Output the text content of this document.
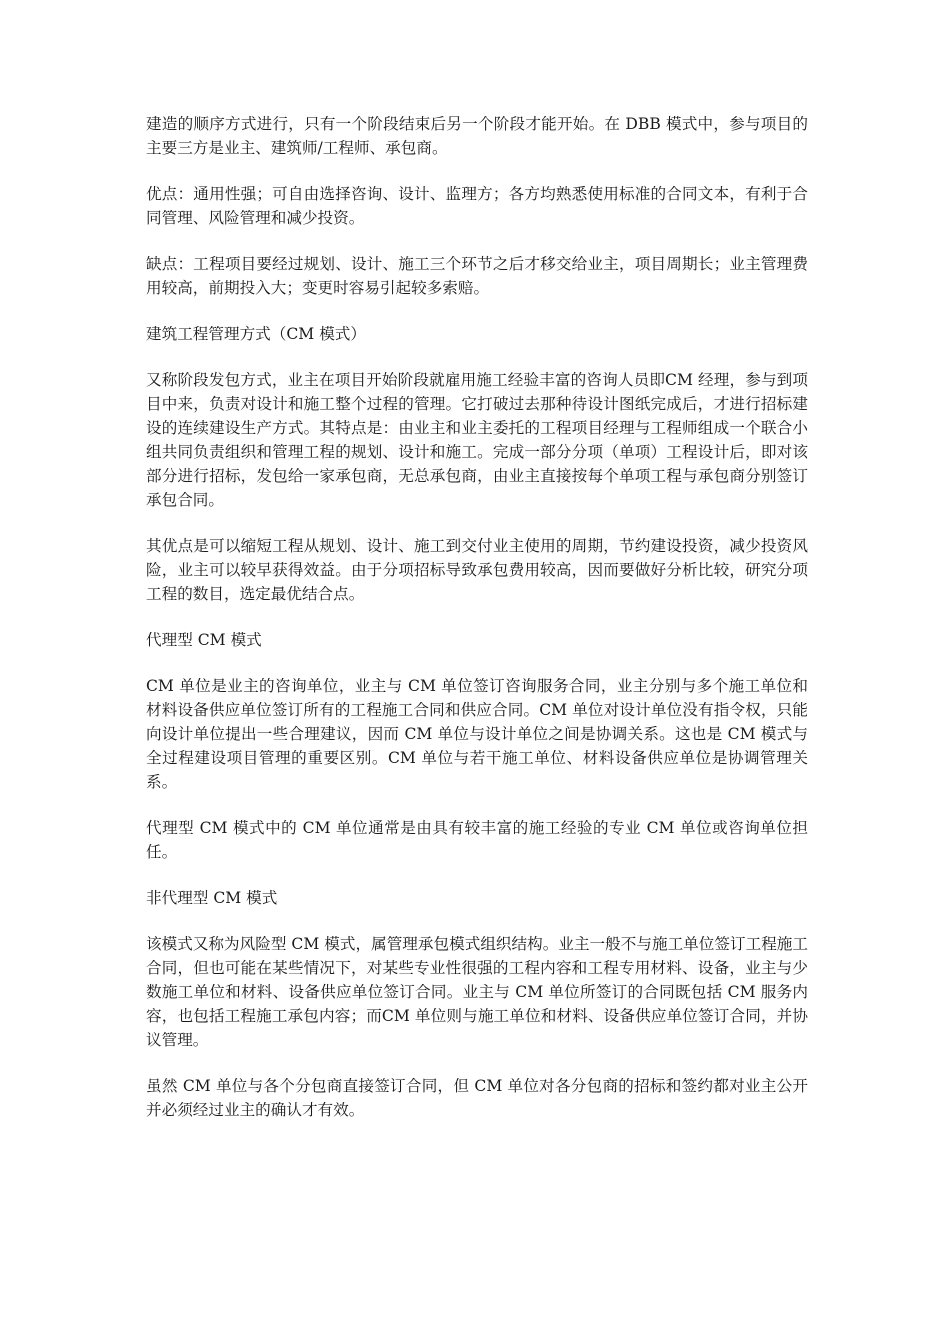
建造的顺序方式进行，只有一个阶段结束后另一个阶段才能开始。在 DBB 模式中，参与项目的主要三方是业主、建筑师/工程师、承包商。

优点：通用性强；可自由选择咨询、设计、监理方；各方均熟悉使用标准的合同文本，有利于合同管理、风险管理和减少投资。

缺点：工程项目要经过规划、设计、施工三个环节之后才移交给业主，项目周期长；业主管理费用较高，前期投入大；变更时容易引起较多索赔。

建筑工程管理方式（CM 模式）

又称阶段发包方式，业主在项目开始阶段就雇用施工经验丰富的咨询人员即CM 经理，参与到项目中来，负责对设计和施工整个过程的管理。它打破过去那种待设计图纸完成后，才进行招标建设的连续建设生产方式。其特点是：由业主和业主委托的工程项目经理与工程师组成一个联合小组共同负责组织和管理工程的规划、设计和施工。完成一部分分项（单项）工程设计后，即对该部分进行招标，发包给一家承包商，无总承包商，由业主直接按每个单项工程与承包商分别签订承包合同。

其优点是可以缩短工程从规划、设计、施工到交付业主使用的周期，节约建设投资，减少投资风险，业主可以较早获得效益。由于分项招标导致承包费用较高，因而要做好分析比较，研究分项工程的数目，选定最优结合点。

代理型 CM 模式

CM 单位是业主的咨询单位，业主与 CM 单位签订咨询服务合同，业主分别与多个施工单位和材料设备供应单位签订所有的工程施工合同和供应合同。CM 单位对设计单位没有指令权，只能向设计单位提出一些合理建议，因而 CM 单位与设计单位之间是协调关系。这也是 CM 模式与全过程建设项目管理的重要区别。CM 单位与若干施工单位、材料设备供应单位是协调管理关系。

代理型 CM 模式中的 CM 单位通常是由具有较丰富的施工经验的专业 CM 单位或咨询单位担任。

非代理型 CM 模式

该模式又称为风险型 CM 模式，属管理承包模式组织结构。业主一般不与施工单位签订工程施工合同，但也可能在某些情况下，对某些专业性很强的工程内容和工程专用材料、设备，业主与少数施工单位和材料、设备供应单位签订合同。业主与 CM 单位所签订的合同既包括 CM 服务内容，也包括工程施工承包内容；而CM 单位则与施工单位和材料、设备供应单位签订合同，并协议管理。

虽然 CM 单位与各个分包商直接签订合同，但 CM 单位对各分包商的招标和签约都对业主公开并必须经过业主的确认才有效。
